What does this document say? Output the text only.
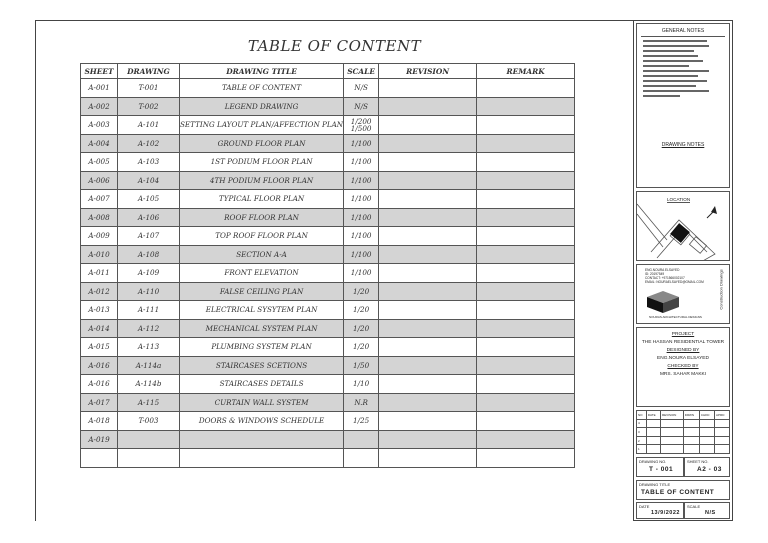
TABLE OF CONTENT
SHEET	DRAWING	DRAWING TITLE	SCALE	REVISION	REMARK
A-001	T-001	TABLE OF CONTENT	N/S		
A-002	T-002	LEGEND DRAWING	N/S		
A-003	A-101	SETTING LAYOUT PLAN/AFFECTION PLAN	1/200
1/500		

A-004	A-102	GROUND FLOOR PLAN	1/100		
A-005	A-103	1ST PODIUM FLOOR PLAN	1/100		
A-006	A-104	4TH PODIUM FLOOR PLAN	1/100		
A-007	A-105	TYPICAL FLOOR PLAN	1/100		
A-008	A-106	ROOF FLOOR PLAN	1/100		
A-009	A-107	TOP ROOF FLOOR PLAN	1/100		
A-010	A-108	SECTION A-A	1/100		
A-011	A-109	FRONT ELEVATION	1/100		
A-012	A-110	FALSE CEILING PLAN	1/20		
A-013	A-111	ELECTRICAL SYSYTEM PLAN	1/20		
A-014	A-112	MECHANICAL SYSTEM PLAN	1/20		
A-015	A-113	PLUMBING SYSTEM PLAN	1/20		
A-016	A-114a	STAIRCASES SCETIONS	1/50		
A-016	A-114b	STAIRCASES DETAILS	1/10		
A-017	A-115	CURTAIN WALL SYSTEM	N.R		
A-018	T-003	DOORS & WINDOWS SCHEDULE	1/25		
A-019					

GENERAL NOTES
DRAWING NOTES
LOCATION
ENG.NOURA ELSAYED
ID: 20197549
CONTACT: +971566002107
EMAIL: NOURAELSAYED@GMAIL.COM
NOURAS ARCHITECTURAL DESIGNS
Construction Drawings
PROJECT
THE HASSAN RESIDENTIAL TOWER
DESIGNED BY
ENG.NOURA ELSAYED
CHECKED BY
MRS. SAHAR MAKKI
NO	DATE	REVISION	DRWN	CHKD	APRD
4					
3					
2					
1					
DRAWING NO.
T - 001
SHEET NO.
A2 - 03
DRAWING TITLE
TABLE OF CONTENT
DATE
13/9/2022
SCALE
N/S
